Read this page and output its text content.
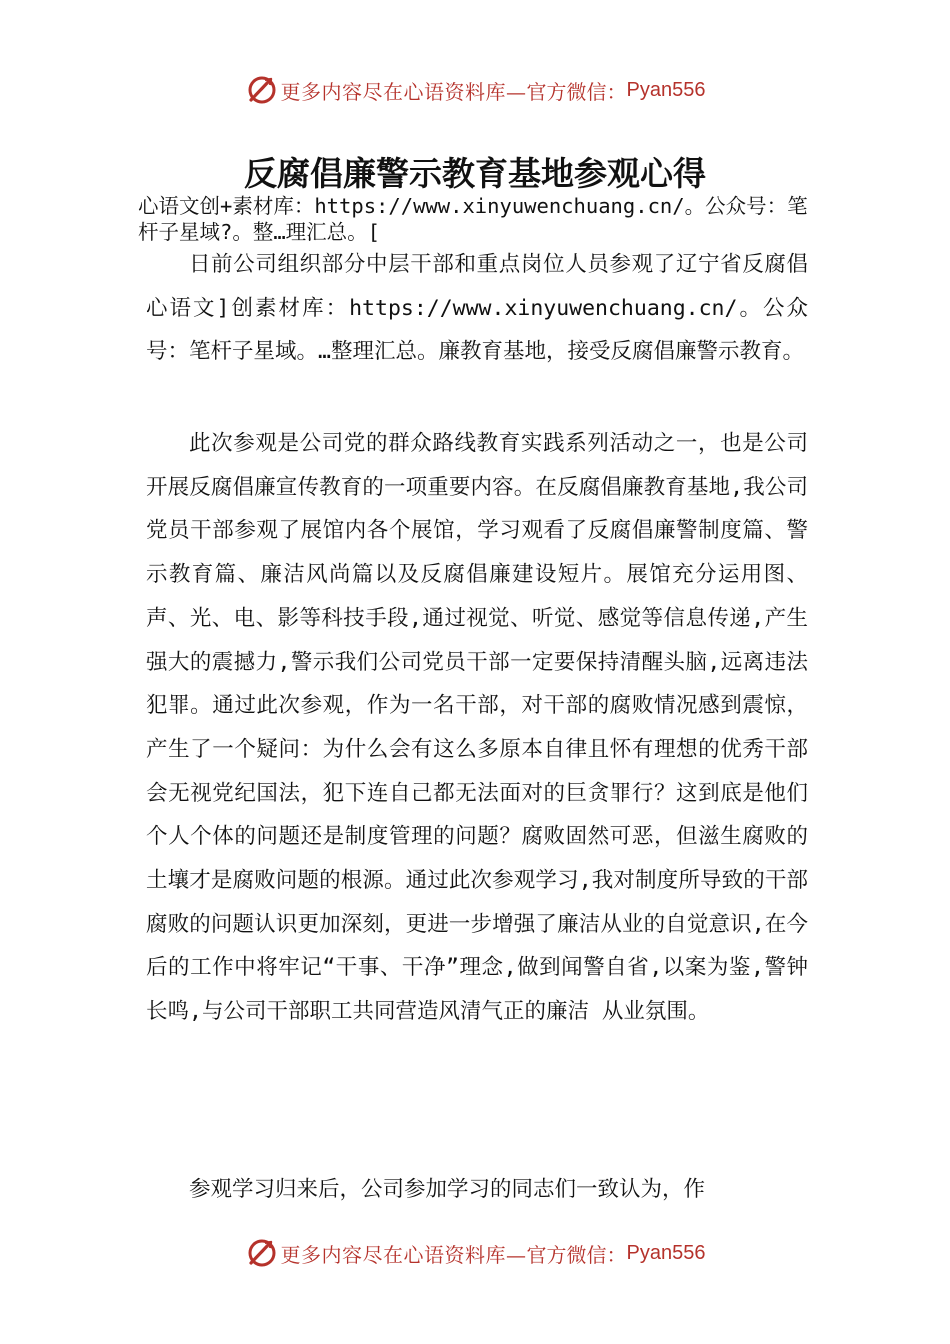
更多内容尽在心语资料库— 官方微信： Pyan556
反腐倡廉警示教育基地参观心得

心语文创+素材库：https://www.xinyuwenchuang.cn/。公众号：笔杆子星域?。整…理汇总。[

日前公司组织部分中层干部和重点岗位人员参观了辽宁省反腐倡心语文]创素材库：https://www.xinyuwenchuang.cn/。公众号：笔杆子星域。…整理汇总。廉教育基地，接受反腐倡廉警示教育。

此次参观是公司党的群众路线教育实践系列活动之一，也是公司开展反腐倡廉宣传教育的一项重要内容。在反腐倡廉教育基地,我公司党员干部参观了展馆内各个展馆，学习观看了反腐倡廉警制度篇、警示教育篇、廉洁风尚篇以及反腐倡廉建设短片。展馆充分运用图、声、光、电、影等科技手段,通过视觉、听觉、感觉等信息传递,产生强大的震撼力,警示我们公司党员干部一定要保持清醒头脑,远离违法犯罪。通过此次参观，作为一名干部，对干部的腐败情况感到震惊，产生了一个疑问：为什么会有这么多原本自律且怀有理想的优秀干部会无视党纪国法，犯下连自己都无法面对的巨贪罪行？这到底是他们个人个体的问题还是制度管理的问题？腐败固然可恶，但滋生腐败的土壤才是腐败问题的根源。通过此次参观学习,我对制度所导致的干部腐败的问题认识更加深刻，更进一步增强了廉洁从业的自觉意识,在今 后的工作中将牢记“干事、干净”理念,做到闻警自省,以案为鉴,警钟长鸣,与公司干部职工共同营造风清气正的廉洁 从业氛围。

参观学习归来后，公司参加学习的同志们一致认为，作

更多内容尽在心语资料库— 官方微信： Pyan556
